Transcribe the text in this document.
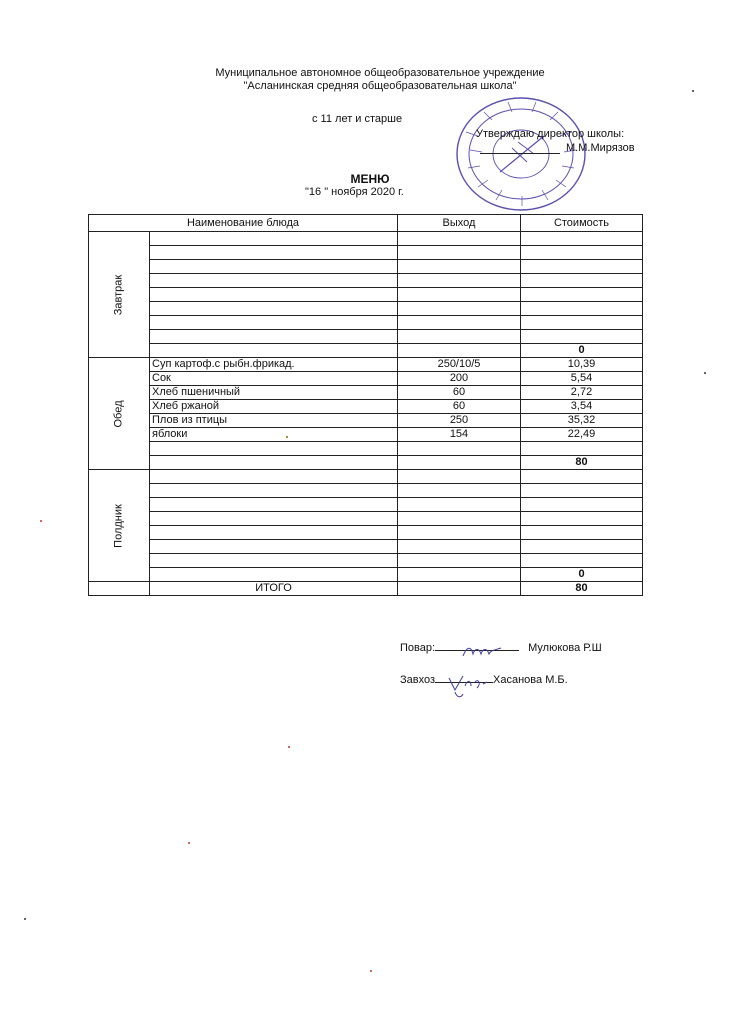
Муниципальное автономное общеобразовательное учреждение
"Асланинская средняя общеобразовательная школа"
с 11 лет и старше
Утверждаю директор школы:
М.М.Мирязов
МЕНЮ
"16 " ноября 2020 г.
Наименование блюда		Выход	Стоимость

Завтрак			

			0

Обед	Суп картоф.с рыбн.фрикад.	250/10/5	10,39
	Сок	200	5,54
	Хлеб пшеничный	60	2,72
	Хлеб ржаной	60	3,54
	Плов из птицы	250	35,32
	яблоки	154	22,49

			80

Полдник			

			0
	ИТОГО		80
Повар:	Мулюкова Р.Ш
Завхоз	Хасанова М.Б.
